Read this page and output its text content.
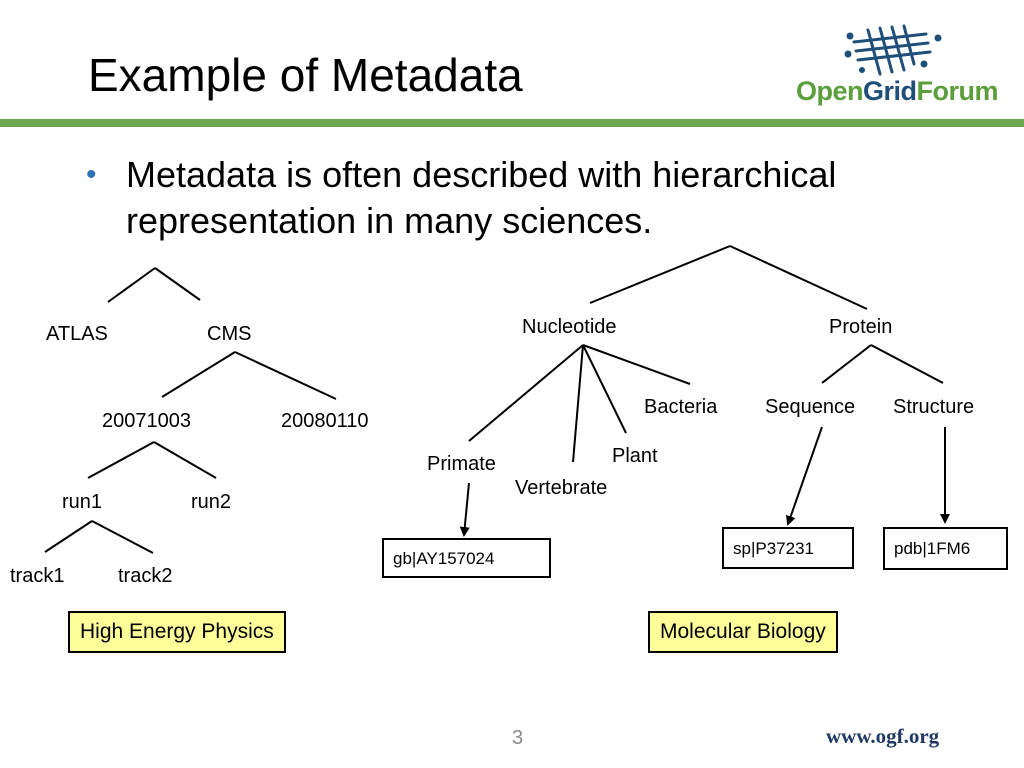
Example of Metadata	OpenGridForum
• Metadata is often described with hierarchical representation in many sciences.
ATLAS	CMS
20071003	20080110
run1	run2
track1	track2
Nucleotide	Protein
Bacteria Sequence Structure
Plant
Primate
Vertebrate
gb|AY157024
sp|P37231	pdb|1FM6
High Energy Physics	Molecular Biology
3	www.ogf.org
